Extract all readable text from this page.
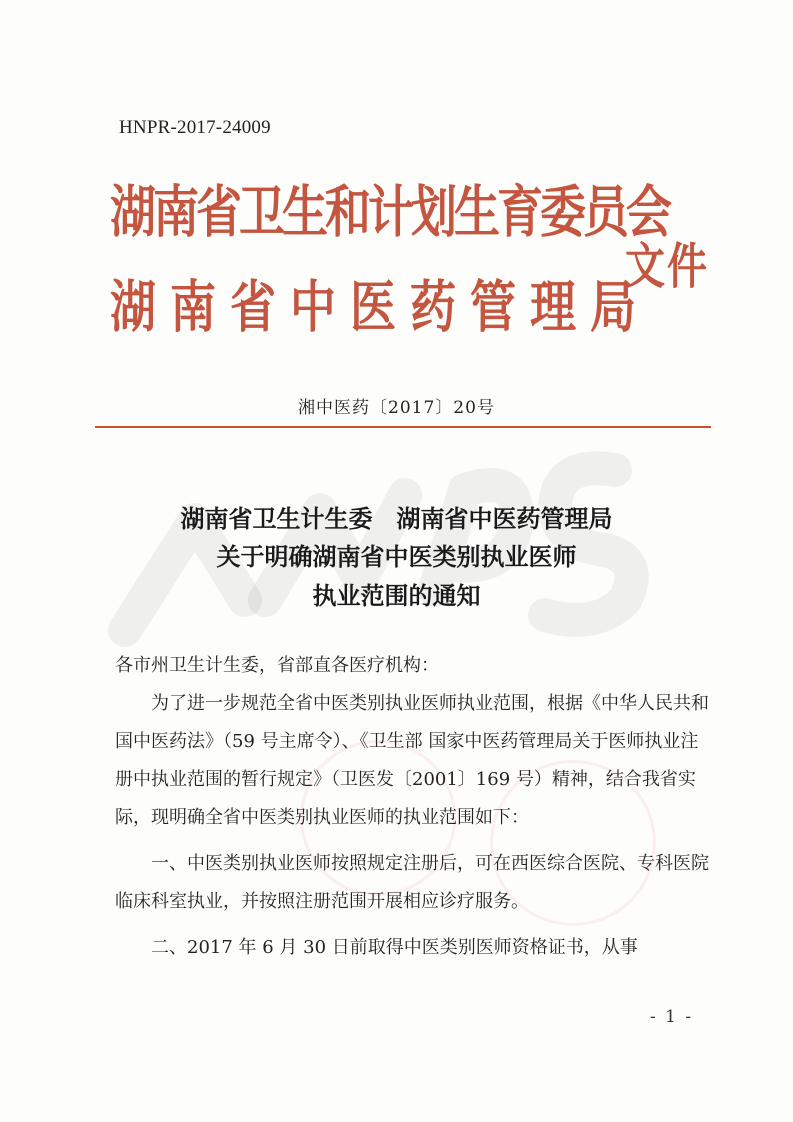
HNPR-2017-24009
湖南省卫生和计划生育委员会
湖南省中医药管理局
文件
湘中医药〔2017〕20号
湖南省卫生计生委　湖南省中医药管理局
关于明确湖南省中医类别执业医师
执业范围的通知

各市州卫生计生委，省部直各医疗机构：

为了进一步规范全省中医类别执业医师执业范围，根据《中华人民共和国中医药法》（59 号主席令）、《卫生部 国家中医药管理局关于医师执业注册中执业范围的暂行规定》（卫医发〔2001〕169 号）精神，结合我省实际，现明确全省中医类别执业医师的执业范围如下：

一、中医类别执业医师按照规定注册后，可在西医综合医院、专科医院临床科室执业，并按照注册范围开展相应诊疗服务。

二、2017 年 6 月 30 日前取得中医类别医师资格证书，从事

- 1 -
